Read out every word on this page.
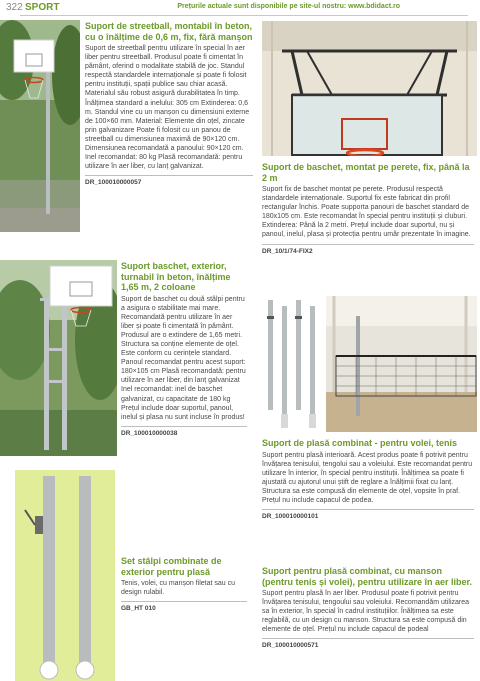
322 SPORT	Prețurile actuale sunt disponibile pe site-ul nostru: www.bdidact.ro
Suport de streetball, montabil în beton, cu o înălțime de 0,6 m, fix, fără manșon
Suport de streetball pentru utilizare în special în aer liber pentru streetball. Produsul poate fi cimentat în pământ, oferind o modalitate stabilă de joc. Standul respectă standardele internaționale și poate fi folosit pentru instituții, spații publice sau chiar acasă. Materialul său robust asigură durabilitatea în timp. Înălțimea standard a inelului: 305 cm Extinderea: 0,6 m. Standul vine cu un manșon cu dimensiuni externe de 100×60 mm. Material: Elemente din oțel, zincate prin galvanizare Poate fi folosit cu un panou de streetball cu dimensiunea maximă de 90×120 cm. Dimensiunea recomandată a panoului: 90×120 cm. Inel recomandat: 80 kg Plasă recomandată: pentru utilizare în aer liber, cu lanț galvanizat.
DR_100010000057
Suport de baschet, montat pe perete, fix, până la 2 m
Suport fix de baschet montat pe perete. Produsul respectă standardele internaționale. Suportul fix este fabricat din profil rectangular închis. Poate supporta panouri de baschet standard de 180x105 cm. Este recomandat în special pentru instituții și cluburi. Extinderea: Până la 2 metri. Prețul include doar suportul, nu și panoul, inelul, plasa și protecția pentru umăr prezentate în imagine.
DR_10/1/74-FIX2
Suport baschet, exterior, turnabil în beton, înălțime 1,65 m, 2 coloane
Suport de baschet cu două stâlpi pentru a asigura o stabilitate mai mare. Recomandată pentru utilizare în aer liber și poate fi cimentată în pământ. Produsul are o extindere de 1,65 metri. Structura sa conține elemente de oțel. Este conform cu cerințele standard. Panoul recomandat pentru acest suport: 180×105 cm Plasă recomandată: pentru utilizare în aer liber, din lanț galvanizat Inel recomandat: inel de baschet galvanizat, cu capacitate de 180 kg Prețul include doar suportul, panoul, inelul și plasa nu sunt incluse în produs!
DR_100010000038
Suport de plasă combinat - pentru volei, tenis
Suport pentru plasă interioară. Acest produs poate fi potrivit pentru învățarea tenisului, tengolui sau a voleiului. Este recomandat pentru utilizare în interior, în special pentru instituții. Înălțimea sa poate fi ajustată cu ajutorul unui știft de reglare a înălțimii fixat cu lanț. Structura sa este compusă din elemente de oțel, vopsite în praf. Prețul nu include capacul de podea.
DR_100010000101
Set stâlpi combinate de exterior pentru plasă
Tenis, volei, cu manșon filetat sau cu design rulabil.
GB_HT 010
Suport pentru plasă combinat, cu manson (pentru tenis și volei), pentru utilizare în aer liber.
Suport pentru plasă în aer liber. Produsul poate fi potrivit pentru învățarea tenisului, tengoului sau voleiului. Recomandăm utilizarea sa în exterior, în special în cadrul instituțiilor. Înălțimea sa este reglabilă, cu un design cu manson. Structura sa este compusă din elemente de oțel. Prețul nu include capacul de podeal
DR_100010000571
